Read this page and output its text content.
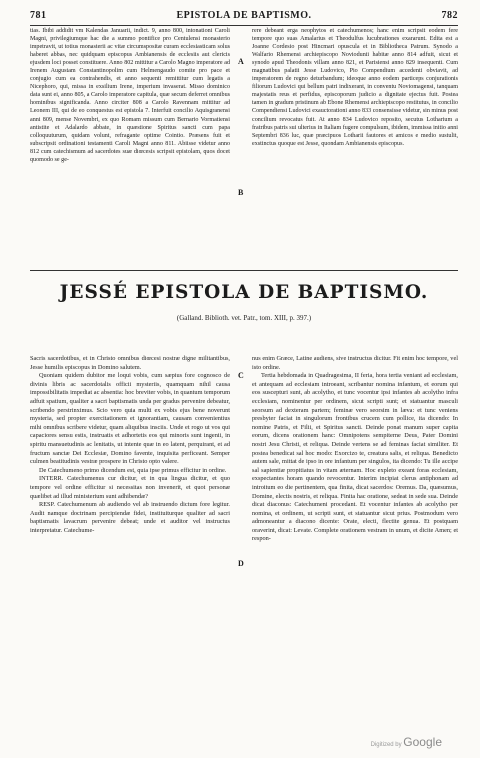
781	EPISTOLA DE BAPTISMO.	782

tias. Ibibi addidit vm Kalendas Januarii, indict. 9, anno 800, intonationi Caroli Magni, privilegiumque hac die a summo pontifice pro Centulensi monasterio impetravit, ut totius monasterii ac vitæ circumspositæ curam ecclesiasticam solus haberet abbas, nec quidquam episcopus Ambianensis de ecclesiis aut clericis ejusdem loci posset constituere. Anno 802 mittitur a Carolo Magno imperatore ad Irenem Augustam Constantinopolim cum Helmengaudo comite pro pace et conjugio cum ea contrahendis, et anno sequenti remittitur cum legatis a Nicephoro, qui, missa in exsilium Irene, imperium invaserat. Misso dominico data sunt ei, anno 805, a Carolo imperatore capitula, quæ secum deferret omnibus hominibus significanda. Anno circiter 808 a Carolo Ravennam mittitur ad Leonem III, qui de eo conquestus est epistola 7. Interfuit concilio Aquisgranensi anni 809, mense Novembri, ex quo Romam missum cum Bernario Vormatiensi antistite et Adalardo abbate, in quæstione Spiritus sancti cum papa colloquuturum, quidam volunt, refragante optime Cointio. Præsens fuit et subscripsit ordinationi testamenti Caroli Magni anno 811. Abiisse videtur anno 812 cum catechismum ad sacerdotes suæ diœcesis scripsit epistolam, quos docet quomodo se ge-

rere debeant erga neophytos et catechumenos; hanc enim scripsit eodem fere tempore quo suas Amalarius et Theodulfus lucubrationes exararunt. Edita est a Joanne Cordesio post Hincmari opuscula et in Bibliotheca Patrum. Synodo a Walfario Rhemensi archiepiscopo Noviodunii habitæ anno 814 adfuit, sicut et synodo apud Theodonis villam anno 821, et Parisiensi anno 829 insequenti. Cum magnatibus palatii Jesse Ludovico, Pio Compendium accedenti obviavit, ad imperatorem de regno deturbandum; ideoque anno eodem particeps conjurationis filiorum Ludovici qui bellum patri indixerant, in conventu Noviomagensi, tanquam majestatis reus et perfidus, episcoporum judicio a dignitate ejectus fuit. Postea tamen in gradum pristinum ab Ebone Rhemensi archiepiscopo restitutus, in concilio Compendiensi Ludovici exauctorationi anno 833 consensisse videtur, sin minus post concilium revocatus fuit. At anno 834 Ludovico reposito, secutus Lotharium a fratribus patris sui ulterius in Italiam fugere compulsum, ibidem, immissa initio anni Septembri 836 luc, quæ præcipuos Lotharii fautores et amicos e medio sustulit, exstinctus quoque est Jesse, quondam Ambianensis episcopus.

A
B
JESSÉ EPISTOLA DE BAPTISMO.
(Galland. Biblioth. vet. Patr., tom. XIII, p. 397.)

Sacris sacerdotibus, et in Christo omnibus diœcesi nostræ digne militantibus, Jesse humilis episcopus in Domino salutem.

Quoniam quidem dubitor me loqui vobis, cum sæpius fore cognosco de divinis libris ac sacerdotalis officii mysteriis, quamquam nihil causa impossibilitatis impediat ac absentia: hoc breviter vobis, in quantum temporum adfuit spatium, qualiter a sacri baptismatis unda per gradus pervenire debeatur, scribendo perstrinximus. Scio vero quia multi ex vobis ejus bene noverunt mysteria, sed propter exercitationem et ignorantiam, causam convenientius mihi omnibus scribere videtur, quam aliquibus insciis. Unde et rogo ut vos qui capaciores sensu estis, instruatis et adhortetis eos qui minoris sunt ingenii, in spiritu mansuetudinis ac lenitatis, ut intente quæ in eo latent, perquirant, et ad fructum sanctæ Dei Ecclesiæ, Domino favente, inquisita perficeant. Semper culmen beatitudinis vestræ prospere in Christo opto valere.

De Catechumeno primo dicendum est, quia ipse primus efficitur in ordine.

INTERR. Catechumenus cur dicitur, et in qua lingua dicitur, et quo tempore vel ordine efficitur si necessitas non invenerit, et quot personæ quælibet ad illud ministerium sunt adhibendæ?

RESP. Catechumenum ab audiendo vel ab instruendo dictum fore legitur. Audit namque doctrinam percipiendæ fidei, instituiturque qualiter ad sacri baptismatis lavacrum pervenire debeat; unde et auditor vel instructus interpretatur. Catechume-

nus enim Græce, Latine audiens, sive instructus dicitur. Fit enim hoc tempore, vel isto ordine.

Tertia hebdomada in Quadragesima, II feria, hora tertia veniant ad ecclesiam, et antequam ad ecclesiam introeant, scribantur nomina infantum, et eorum qui eos suscepturi sunt, ab acolytho, et tunc vocentur ipsi infantes ab acolytho infra ecclesiam, nominentur per ordinem, sicut scripti sunt; et statuantur masculi seorsum ad dexteram partem; feminæ vero seorsim in læva: et tunc veniens presbyter faciat in singulorum frontibus crucem cum pollice, ita dicendo: In nomine Patris, et Filii, et Spiritus sancti. Deinde ponat manum super capita eorum, dicens orationem hanc: Omnipotens sempiterne Deus, Pater Domini nostri Jesu Christi, et reliqua. Deinde vertens se ad feminas faciat similiter. Et postea benedicat sal hoc modo: Exorcizo te, creatura salis, et reliqua. Benedicto autem sale, mittat de ipso in ore infantum per singulos, ita dicendo: Tu ille accipe sal sapientiæ propitiatus in vitam æternam. Hoc expleto exeant foras ecclesiam, exspectantes horam quando revocentur. Interim incipiat clerus antiphonam ad introitum eo die pertinentem, qua finita, dicat sacerdos: Oremus. Da, quæsumus, Domine, electis nostris, et reliqua. Finita hac oratione, sedeat in sede sua. Deinde dicat diaconus: Catechumeni procedant. Et vocentur infantes ab acolytho per nomina, et ordinem, ut scripti sunt, et statuantur sicut prius. Postmodum vero admoneantur a diacono dicente: Orate, electi, flectite genua. Et postquam oraverint, dicat: Levate. Complete orationem vestram in unum, et dicite Amen; et respon-

C
D
Digitized by Google
